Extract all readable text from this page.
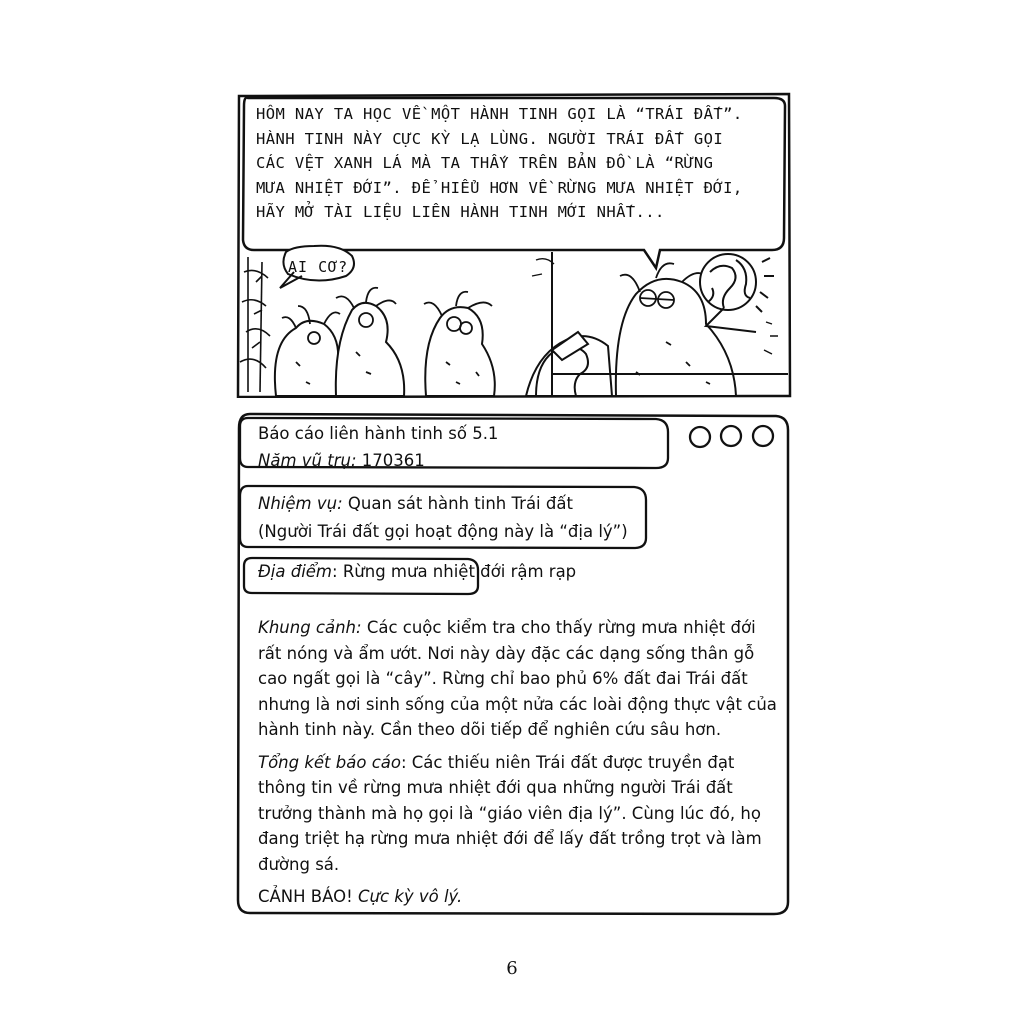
HÔM NAY TA HỌC VỀ MỘT HÀNH TINH GỌI LÀ “TRÁI ĐẤT”.
HÀNH TINH NÀY CỰC KỲ LẠ LÙNG. NGƯỜI TRÁI ĐẤT GỌI
CÁC VỆT XANH LÁ MÀ TA THẤY TRÊN BẢN ĐỒ LÀ “RỪNG
MƯA NHIỆT ĐỚI”. ĐỂ HIỂU HƠN VỀ RỪNG MƯA NHIỆT ĐỚI,
HÃY MỞ TÀI LIỆU LIÊN HÀNH TINH MỚI NHẤT...
AI CƠ?
Báo cáo liên hành tinh số 5.1
Năm vũ trụ: 170361
Nhiệm vụ: Quan sát hành tinh Trái đất
(Người Trái đất gọi hoạt động này là “địa lý”)
Địa điểm: Rừng mưa nhiệt đới rậm rạp

Khung cảnh: Các cuộc kiểm tra cho thấy rừng mưa nhiệt đới rất nóng và ẩm ướt. Nơi này dày đặc các dạng sống thân gỗ cao ngất gọi là “cây”. Rừng chỉ bao phủ 6% đất đai Trái đất nhưng là nơi sinh sống của một nửa các loài động thực vật của hành tinh này. Cần theo dõi tiếp để nghiên cứu sâu hơn.

Tổng kết báo cáo: Các thiếu niên Trái đất được truyền đạt thông tin về rừng mưa nhiệt đới qua những người Trái đất trưởng thành mà họ gọi là “giáo viên địa lý”. Cùng lúc đó, họ đang triệt hạ rừng mưa nhiệt đới để lấy đất trồng trọt và làm đường sá.

CẢNH BÁO! Cực kỳ vô lý.

6
